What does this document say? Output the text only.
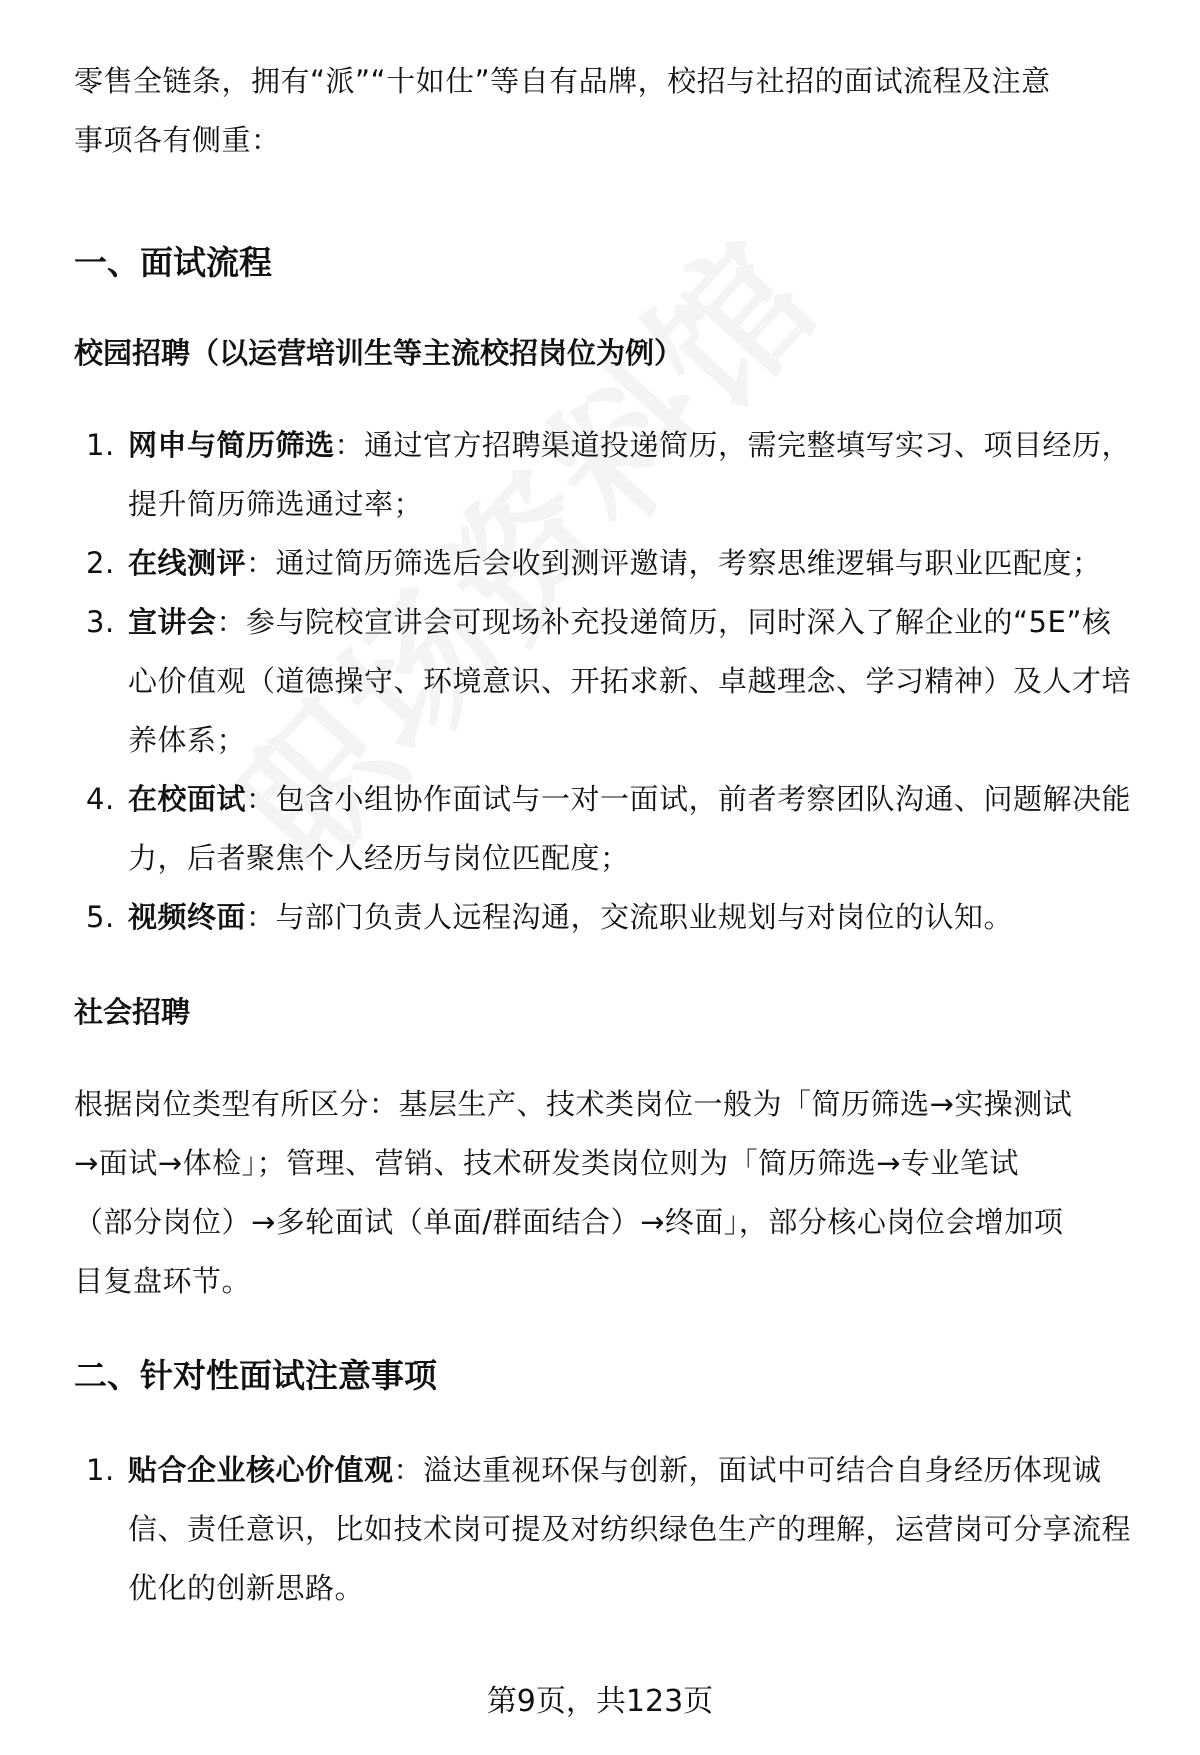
零售全链条，拥有“派”“十如仕”等自有品牌，校招与社招的面试流程及注意事项各有侧重：

一、面试流程
校园招聘（以运营培训生等主流校招岗位为例）
1. 网申与简历筛选：通过官方招聘渠道投递简历，需完整填写实习、项目经历，提升简历筛选通过率；
2. 在线测评：通过简历筛选后会收到测评邀请，考察思维逻辑与职业匹配度；
3. 宣讲会：参与院校宣讲会可现场补充投递简历，同时深入了解企业的“5E”核心价值观（道德操守、环境意识、开拓求新、卓越理念、学习精神）及人才培养体系；
4. 在校面试：包含小组协作面试与一对一面试，前者考察团队沟通、问题解决能力，后者聚焦个人经历与岗位匹配度；
5. 视频终面：与部门负责人远程沟通，交流职业规划与对岗位的认知。
社会招聘

根据岗位类型有所区分：基层生产、技术类岗位一般为「简历筛选→实操测试→面试→体检」；管理、营销、技术研发类岗位则为「简历筛选→专业笔试（部分岗位）→多轮面试（单面/群面结合）→终面」，部分核心岗位会增加项目复盘环节。

二、针对性面试注意事项
1. 贴合企业核心价值观：溢达重视环保与创新，面试中可结合自身经历体现诚信、责任意识，比如技术岗可提及对纺织绿色生产的理解，运营岗可分享流程优化的创新思路。
第9页，共123页
